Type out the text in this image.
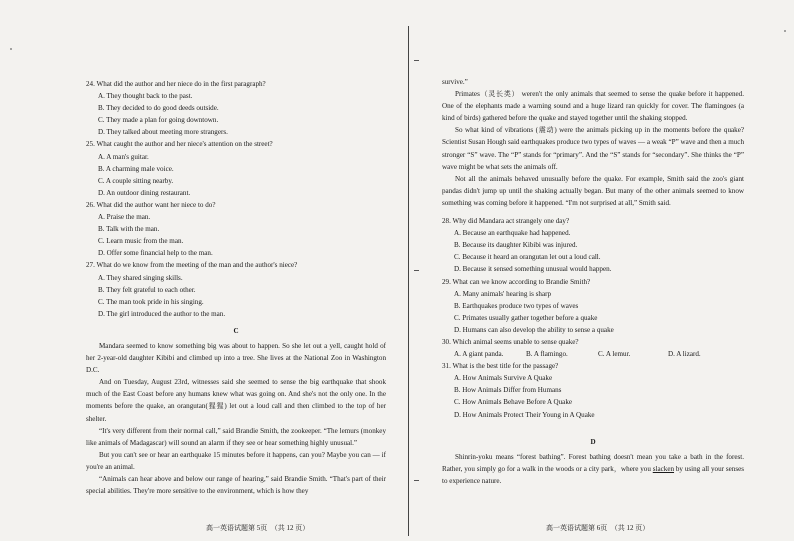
24. What did the author and her niece do in the first paragraph?

A. They thought back to the past.

B. They decided to do good deeds outside.

C. They made a plan for going downtown.

D. They talked about meeting more strangers.

25. What caught the author and her niece's attention on the street?

A. A man's guitar.

B. A charming male voice.

C. A couple sitting nearby.

D. An outdoor dining restaurant.

26. What did the author want her niece to do?

A. Praise the man.

B. Talk with the man.

C. Learn music from the man.

D. Offer some financial help to the man.

27. What do we know from the meeting of the man and the author's niece?

A. They shared singing skills.

B. They felt grateful to each other.

C. The man took pride in his singing.

D. The girl introduced the author to the man.

C

Mandara seemed to know something big was about to happen. So she let out a yell, caught hold of her 2-year-old daughter Kibibi and climbed up into a tree. She lives at the National Zoo in Washington D.C.

And on Tuesday, August 23rd, witnesses said she seemed to sense the big earthquake that shook much of the East Coast before any humans knew what was going on. And she's not the only one. In the moments before the quake, an orangutan(猩猩) let out a loud call and then climbed to the top of her shelter.

“It's very different from their normal call,” said Brandie Smith, the zookeeper. “The lemurs (monkey like animals of Madagascar) will sound an alarm if they see or hear something highly unusual.”

But you can't see or hear an earthquake 15 minutes before it happens, can you? Maybe you can — if you're an animal.

“Animals can hear above and below our range of hearing,” said Brandie Smith. “That's part of their special abilities. They're more sensitive to the environment, which is how they

高一英语试题第 5页　（共 12 页）

survive.”

Primates（灵长类） weren't the only animals that seemed to sense the quake before it happened. One of the elephants made a warning sound and a huge lizard ran quickly for cover. The flamingoes (a kind of birds) gathered before the quake and stayed together until the shaking stopped.

So what kind of vibrations (震动) were the animals picking up in the moments before the quake? Scientist Susan Hough said earthquakes produce two types of waves — a weak “P” wave and then a much stronger “S” wave. The “P” stands for “primary”. And the “S” stands for “secondary”. She thinks the “P” wave might be what sets the animals off.

Not all the animals behaved unusually before the quake. For example, Smith said the zoo's giant pandas didn't jump up until the shaking actually began. But many of the other animals seemed to know something was coming before it happened. “I'm not surprised at all,” Smith said.

28. Why did Mandara act strangely one day?

A. Because an earthquake had happened.

B. Because its daughter Kibibi was injured.

C. Because it heard an orangutan let out a loud call.

D. Because it sensed something unusual would happen.

29. What can we know according to Brandie Smith?

A. Many animals' hearing is sharp

B. Earthquakes produce two types of waves

C. Primates usually gather together before a quake

D. Humans can also develop the ability to sense a quake

30. Which animal seems unable to sense quake?

A. A giant panda.	B. A flamingo.	C. A lemur.	D. A lizard.

31. What is the best title for the passage?

A. How Animals Survive A Quake

B. How Animals Differ from Humans

C. How Animals Behave Before A Quake

D. How Animals Protect Their Young in A Quake

D

Shinrin-yoku means “forest bathing”. Forest bathing doesn't mean you take a bath in the forest. Rather, you simply go for a walk in the woods or a city park，where you slacken by using all your senses to experience nature.

高一英语试题第 6页　（共 12 页）
